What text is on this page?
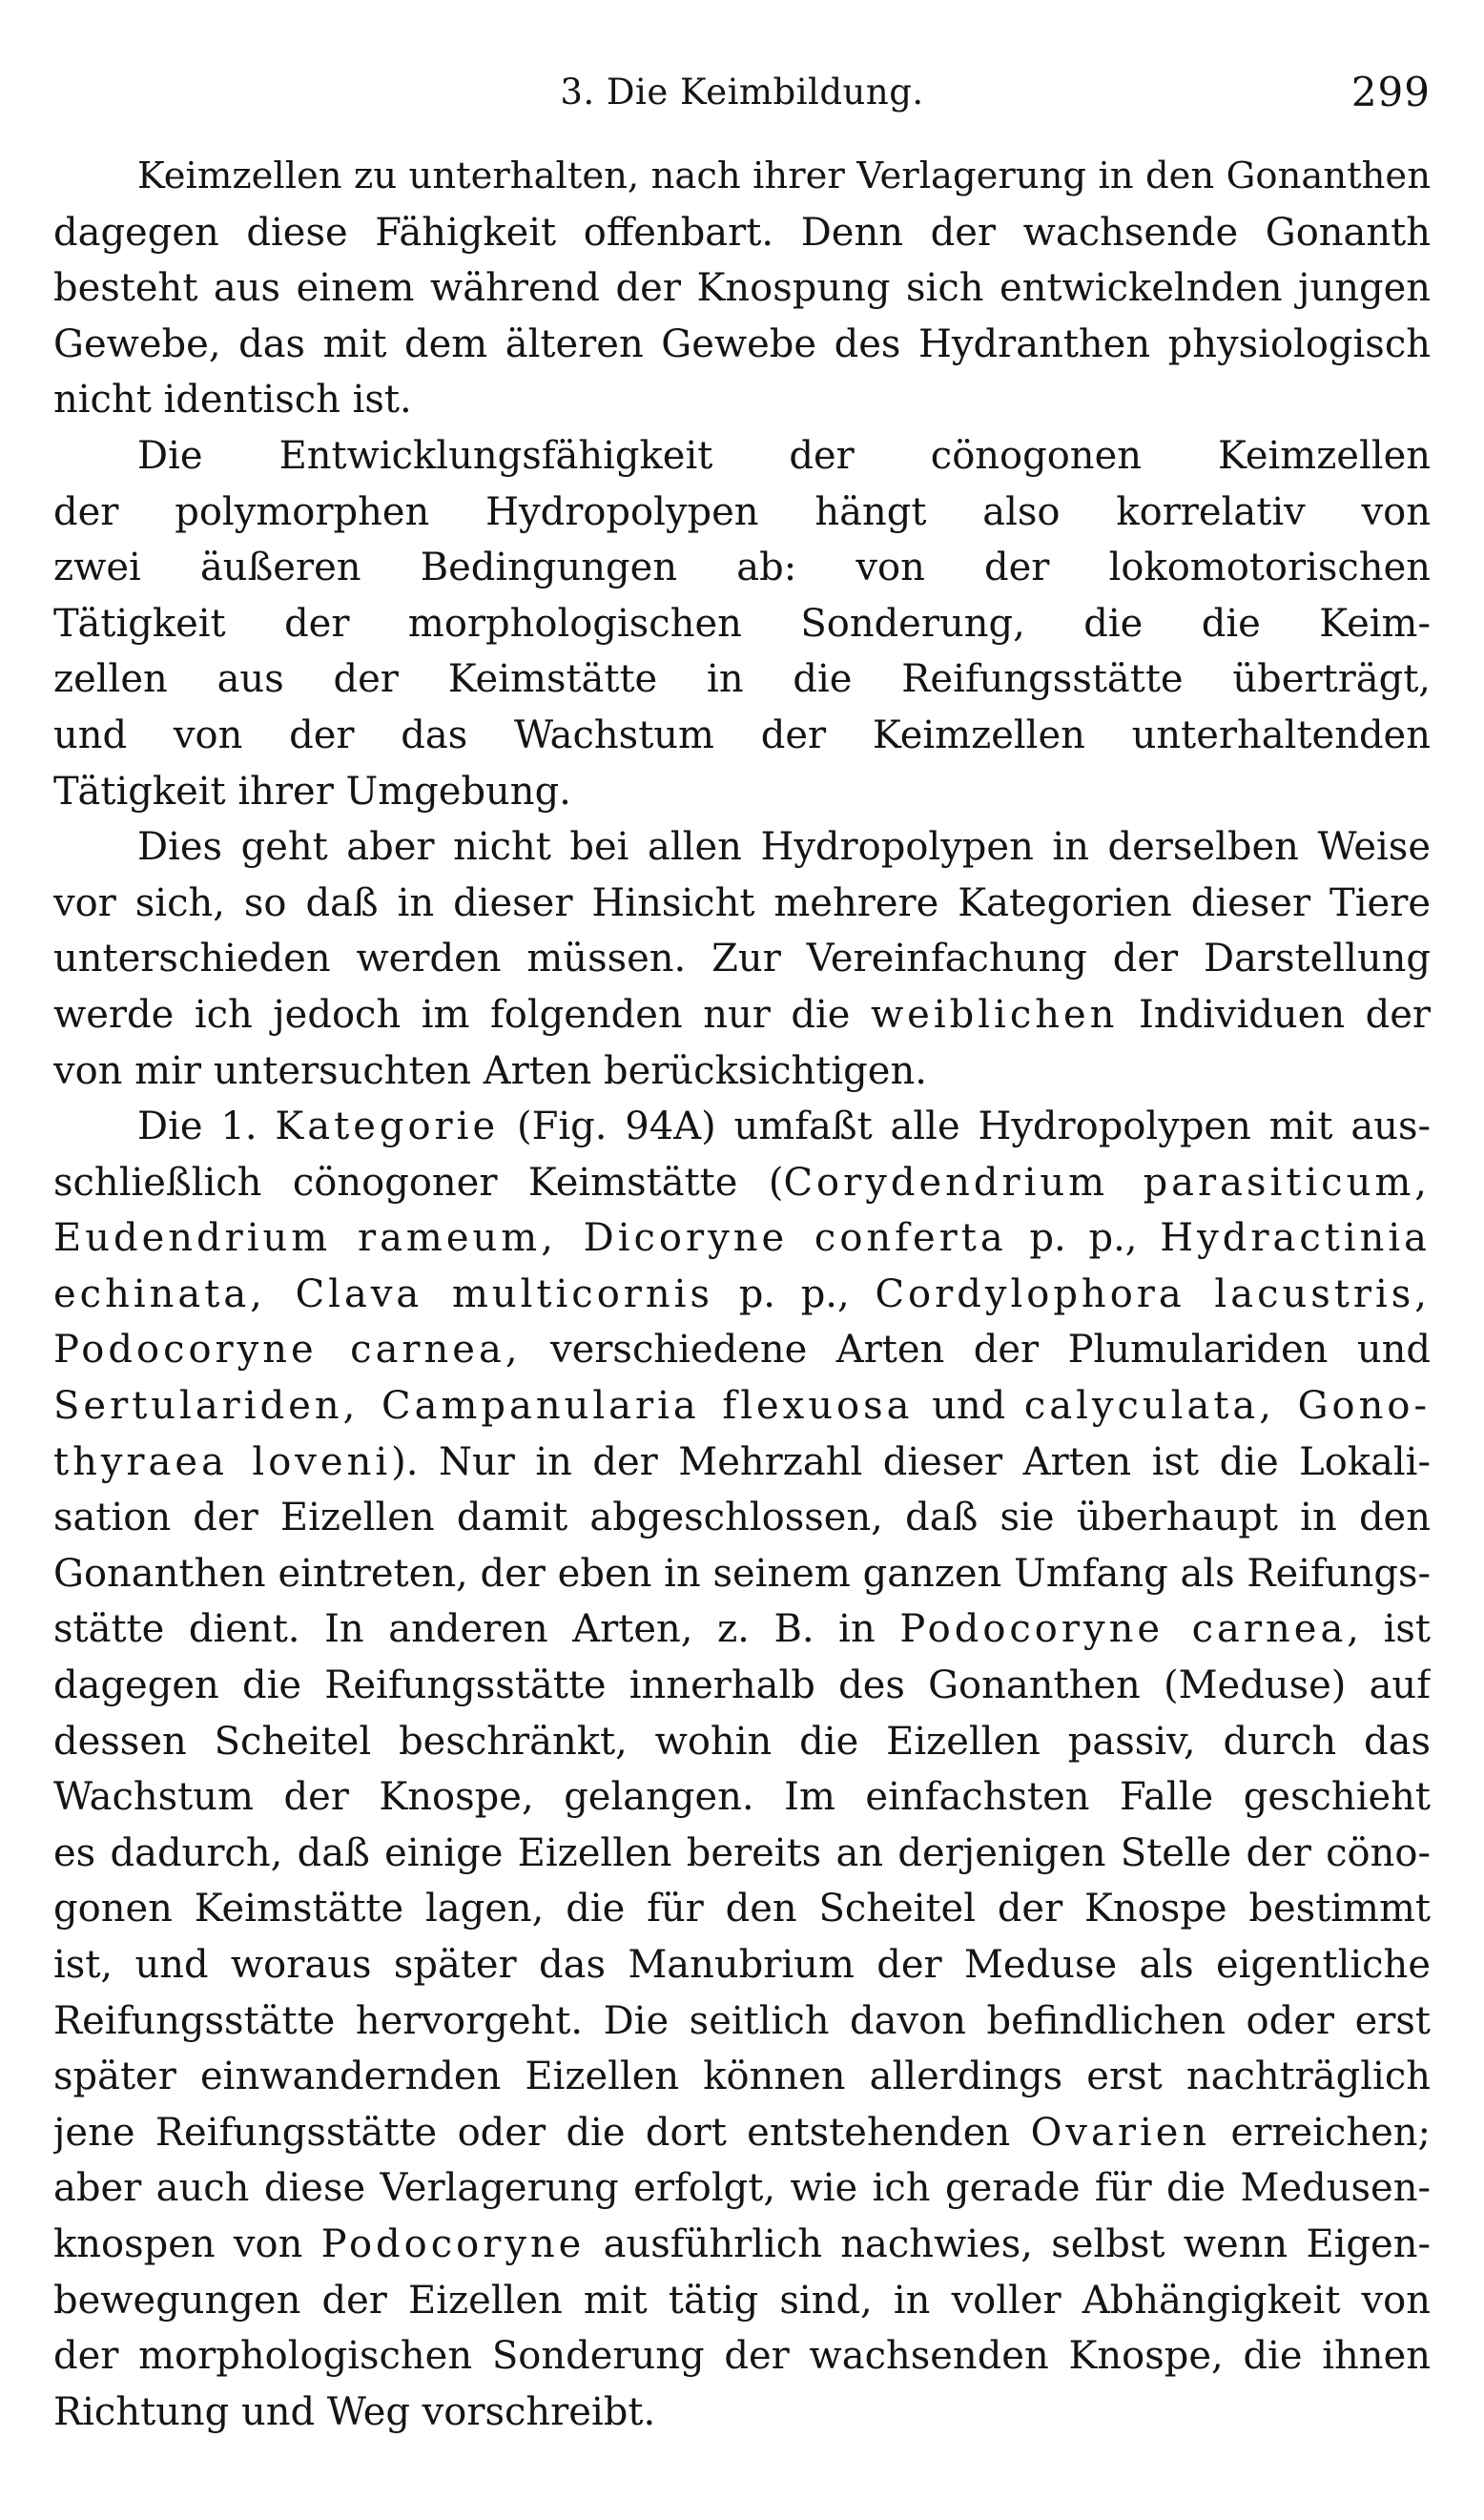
3. Die Keimbildung.	299
Keimzellen zu unterhalten, nach ihrer Verlagerung in den Gonanthen
dagegen diese Fähigkeit offenbart. Denn der wachsende Gonanth
besteht aus einem während der Knospung sich entwickelnden jungen
Gewebe, das mit dem älteren Gewebe des Hydranthen physiologisch
nicht identisch ist.
Die Entwicklungsfähigkeit der cönogonen Keimzellen
der polymorphen Hydropolypen hängt also korrelativ von
zwei äußeren Bedingungen ab: von der lokomotorischen
Tätigkeit der morphologischen Sonderung, die die Keim-
zellen aus der Keimstätte in die Reifungsstätte überträgt,
und von der das Wachstum der Keimzellen unterhaltenden
Tätigkeit ihrer Umgebung.
Dies geht aber nicht bei allen Hydropolypen in derselben Weise
vor sich, so daß in dieser Hinsicht mehrere Kategorien dieser Tiere
unterschieden werden müssen. Zur Vereinfachung der Darstellung
werde ich jedoch im folgenden nur die weiblichen Individuen der
von mir untersuchten Arten berücksichtigen.
Die 1. Kategorie (Fig. 94A) umfaßt alle Hydropolypen mit aus-
schließlich cönogoner Keimstätte (Corydendrium parasiticum,
Eudendrium rameum, Dicoryne conferta p. p., Hydractinia
echinata, Clava multicornis p. p., Cordylophora lacustris,
Podocoryne carnea, verschiedene Arten der Plumulariden und
Sertulariden, Campanularia flexuosa und calyculata, Gono-
thyraea loveni). Nur in der Mehrzahl dieser Arten ist die Lokali-
sation der Eizellen damit abgeschlossen, daß sie überhaupt in den
Gonanthen eintreten, der eben in seinem ganzen Umfang als Reifungs-
stätte dient. In anderen Arten, z. B. in Podocoryne carnea, ist
dagegen die Reifungsstätte innerhalb des Gonanthen (Meduse) auf
dessen Scheitel beschränkt, wohin die Eizellen passiv, durch das
Wachstum der Knospe, gelangen. Im einfachsten Falle geschieht
es dadurch, daß einige Eizellen bereits an derjenigen Stelle der cöno-
gonen Keimstätte lagen, die für den Scheitel der Knospe bestimmt
ist, und woraus später das Manubrium der Meduse als eigentliche
Reifungsstätte hervorgeht. Die seitlich davon befindlichen oder erst
später einwandernden Eizellen können allerdings erst nachträglich
jene Reifungsstätte oder die dort entstehenden Ovarien erreichen;
aber auch diese Verlagerung erfolgt, wie ich gerade für die Medusen-
knospen von Podocoryne ausführlich nachwies, selbst wenn Eigen-
bewegungen der Eizellen mit tätig sind, in voller Abhängigkeit von
der morphologischen Sonderung der wachsenden Knospe, die ihnen
Richtung und Weg vorschreibt.
